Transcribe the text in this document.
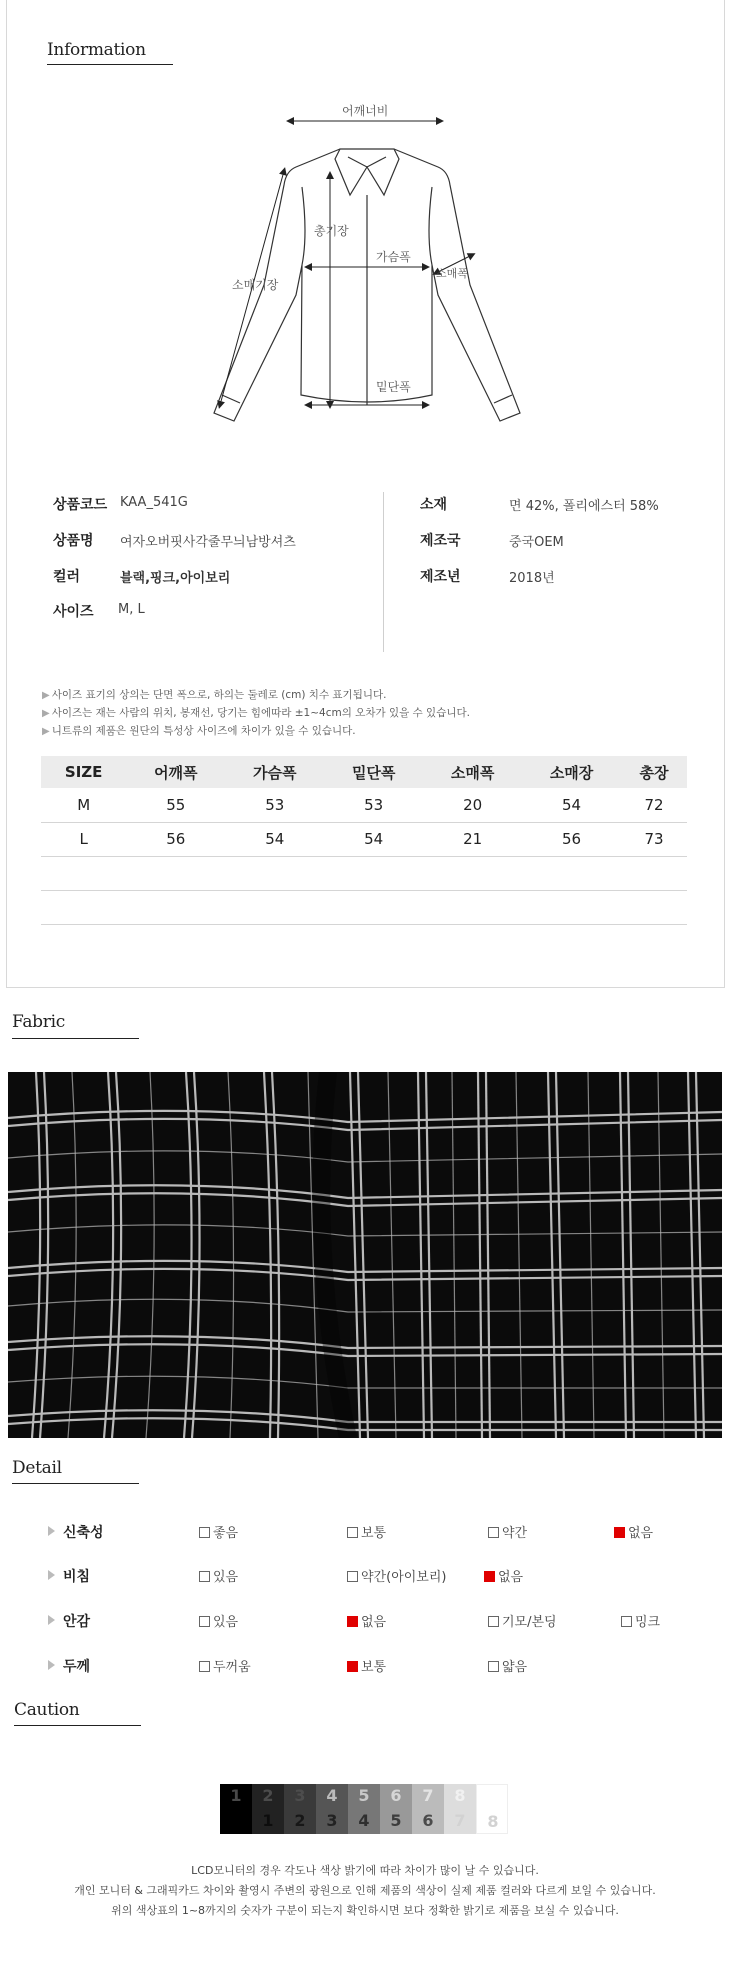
Information
어깨너비
총기장
가슴폭
소매폭
소매기장
밑단폭
상품코드 KAA_541G
상품명 여자오버핏사각줄무늬남방셔츠
컬러	블랙,핑크,아이보리
사이즈 M, L
소재	면 42%, 폴리에스터 58%
제조국	중국OEM
제조년	2018년
▶ 사이즈 표기의 상의는 단면 폭으로, 하의는 둘레로 (cm) 치수 표기됩니다.
▶ 사이즈는 재는 사람의 위치, 봉재선, 당기는 힘에따라 ±1~4cm의 오차가 있을 수 있습니다.
▶ 니트류의 제품은 원단의 특성상 사이즈에 차이가 있을 수 있습니다.
SIZE	어깨폭	가슴폭	밑단폭	소매폭	소매장	총장
M	55	53	53	20	54	72
L	56	54	54	21	56	73

Fabric
Detail
신축성	좋음	보통	약간	없음
비침	있음	약간(아이보리)	없음
안감	있음	없음	기모/본딩	밍크
두께	두꺼움	보통	얇음
Caution
1	2
1
3
2
4
3
5
4
6
5
7
6
8
7	8
LCD모니터의 경우 각도나 색상 밝기에 따라 차이가 많이 날 수 있습니다.
개인 모니터 & 그래픽카드 차이와 촬영시 주변의 광원으로 인해 제품의 색상이 실제 제품 컬러와 다르게 보일 수 있습니다.
위의 색상표의 1~8까지의 숫자가 구분이 되는지 확인하시면 보다 정확한 밝기로 제품을 보실 수 있습니다.
